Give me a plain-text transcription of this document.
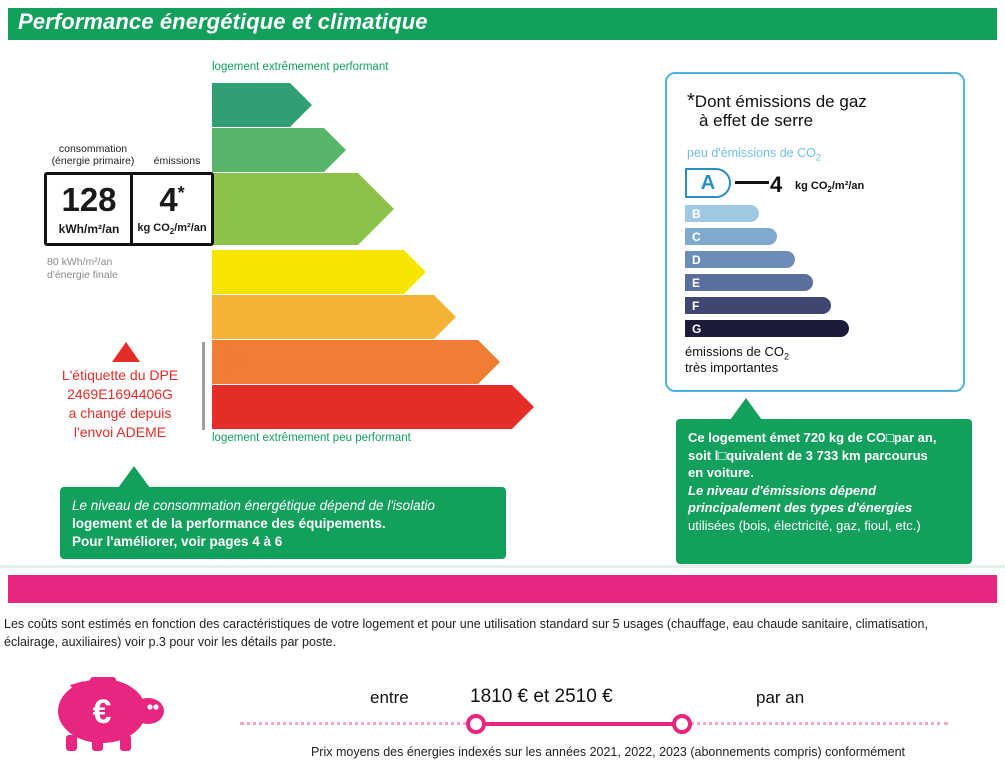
Performance énergétique et climatique
logement extrêmement performant
A
B
C
D
E
F
G
logement extrêmement peu performant
consommation
(énergie primaire)	émissions
128
kWh/m²/an
4*
kg $CO_2/m^2/an$
80 kWh/m²/an
d'énergie finale
L'étiquette du DPE
2469E1694406G
a changé depuis
l'envoi ADEME
Le niveau de consommation énergétique dépend de l'isolatio
logement et de la performance des équipements.
Pour l'améliorer, voir pages 4 à 6
*Dont émissions de gaz
à effet de serre
peu d'émissions de $CO_2$
A 4 kg $CO_2/m^2/an$
B
C
D
E
F
G
émissions de $CO_2$
très importantes
Ce logement émet 720 kg de CO□par an,
soit l□quivalent de 3 733 km parcourus
en voiture.
Le niveau d'émissions dépend
principalement des types d'énergies
utilisées (bois, électricité, gaz, fioul, etc.)
Les coûts sont estimés en fonction des caractéristiques de votre logement et pour une utilisation standard sur 5 usages (chauffage, eau chaude sanitaire, climatisation,
éclairage, auxiliaires) voir p.3 pour voir les détails par poste.
€	entre	1810 € et 2510 €	par an
Prix moyens des énergies indexés sur les années 2021, 2022, 2023 (abonnements compris) conformément
